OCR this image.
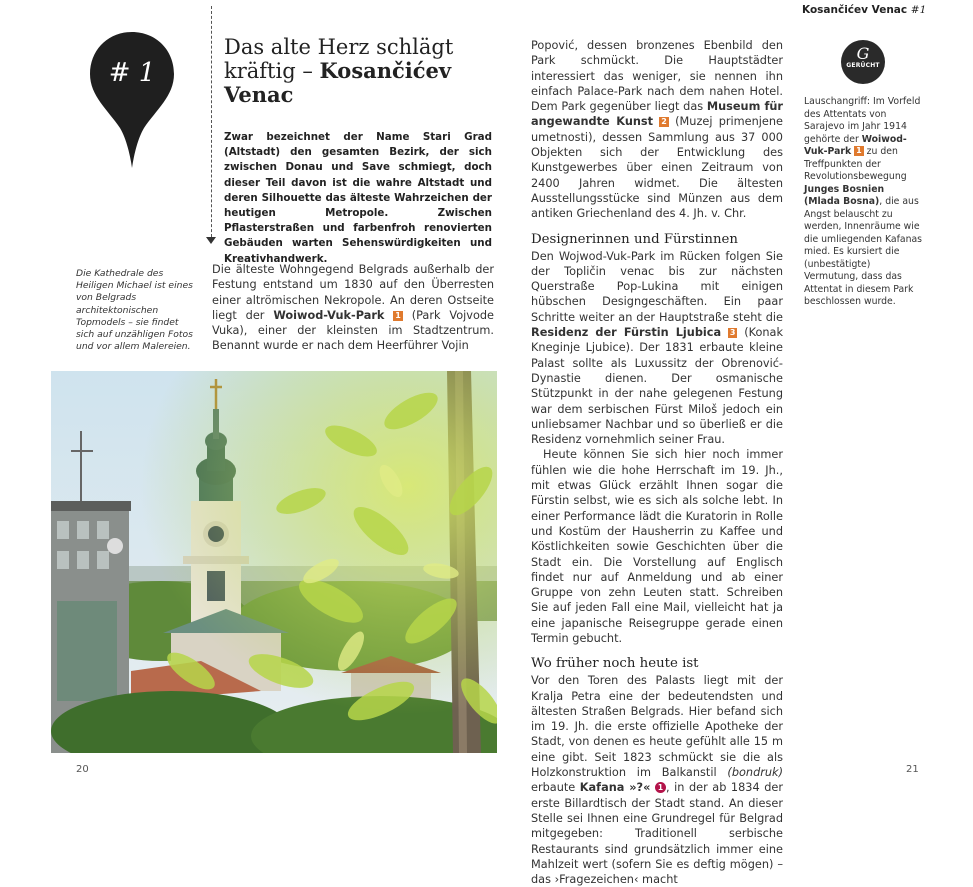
# 1
Das alte Herz schlägt
kräftig – Kosančićev
Venac
Zwar bezeichnet der Name Stari Grad (Altstadt) den gesamten Bezirk, der sich zwischen Donau und Save schmiegt, doch dieser Teil davon ist die wahre Altstadt und deren Silhouette das älteste Wahrzeichen der heutigen Metropole. Zwischen Pflasterstraßen und farbenfroh renovierten Gebäuden warten Sehenswürdigkeiten und Kreativhandwerk.
Die Kathedrale des Heiligen Michael ist eines von Belgrads architektonischen Topmodels – sie findet sich auf unzähligen Fotos und vor allem Malereien.
Die älteste Wohngegend Belgrads außerhalb der Festung entstand um 1830 auf den Überresten einer altrömischen Nekropole. An deren Ostseite liegt der Woiwod-Vuk-Park 1 (Park Vojvode Vuka), einer der kleinsten im Stadtzentrum. Benannt wurde er nach dem Heerführer Vojin

Popović, dessen bronzenes Ebenbild den Park schmückt. Die Hauptstädter interessiert das weniger, sie nennen ihn einfach Palace-Park nach dem nahen Hotel. Dem Park gegenüber liegt das Museum für angewandte Kunst 2 (Muzej primenjene umetnosti), dessen Sammlung aus 37 000 Objekten sich der Entwicklung des Kunstgewerbes über einen Zeitraum von 2400 Jahren widmet. Die ältesten Ausstellungsstücke sind Münzen aus dem antiken Griechenland des 4. Jh. v. Chr.

Designerinnen und Fürstinnen

Den Wojwod-Vuk-Park im Rücken folgen Sie der Topličin venac bis zur nächsten Querstraße Pop-Lukina mit einigen hübschen Designgeschäften. Ein paar Schritte weiter an der Hauptstraße steht die Residenz der Fürstin Ljubica 3 (Konak Kneginje Ljubice). Der 1831 erbaute kleine Palast sollte als Luxussitz der Obrenović-Dynastie dienen. Der osmanische Stützpunkt in der nahe gelegenen Festung war dem serbischen Fürst Miloš jedoch ein unliebsamer Nachbar und so überließ er die Residenz vornehmlich seiner Frau.

Heute können Sie sich hier noch immer fühlen wie die hohe Herrschaft im 19. Jh., mit etwas Glück erzählt Ihnen sogar die Fürstin selbst, wie es sich als solche lebt. In einer Performance lädt die Kuratorin in Rolle und Kostüm der Hausherrin zu Kaffee und Köstlichkeiten sowie Geschichten über die Stadt ein. Die Vorstellung auf Englisch findet nur auf Anmeldung und ab einer Gruppe von zehn Leuten statt. Schreiben Sie auf jeden Fall eine Mail, vielleicht hat ja eine japanische Reisegruppe gerade einen Termin gebucht.

Wo früher noch heute ist

Vor den Toren des Palasts liegt mit der Kralja Petra eine der bedeutendsten und ältesten Straßen Belgrads. Hier befand sich im 19. Jh. die erste offizielle Apotheke der Stadt, von denen es heute gefühlt alle 15 m eine gibt. Seit 1823 schmückt sie die als Holzkonstruktion im Balkanstil (bondruk) erbaute Kafana »?« 1 , in der ab 1834 der erste Billardtisch der Stadt stand. An dieser Stelle sei Ihnen eine Grundregel für Belgrad mitgegeben: Traditionell serbische Restaurants sind grundsätzlich immer eine Mahlzeit wert (sofern Sie es deftig mögen) – das ›Fragezeichen‹ macht

Kosančićev Venac #1
G
GERÜCHT
Lauschangriff: Im Vorfeld des Attentats von Sarajevo im Jahr 1914 gehörte der Woiwod-Vuk-Park 1 zu den Treffpunkten der Revolutionsbewegung Junges Bosnien (Mlada Bosna), die aus Angst belauscht zu werden, Innenräume wie die umliegenden Kafanas mied. Es kursiert die (unbestätigte) Vermutung, dass das Attentat in diesem Park beschlossen wurde.
20	21
